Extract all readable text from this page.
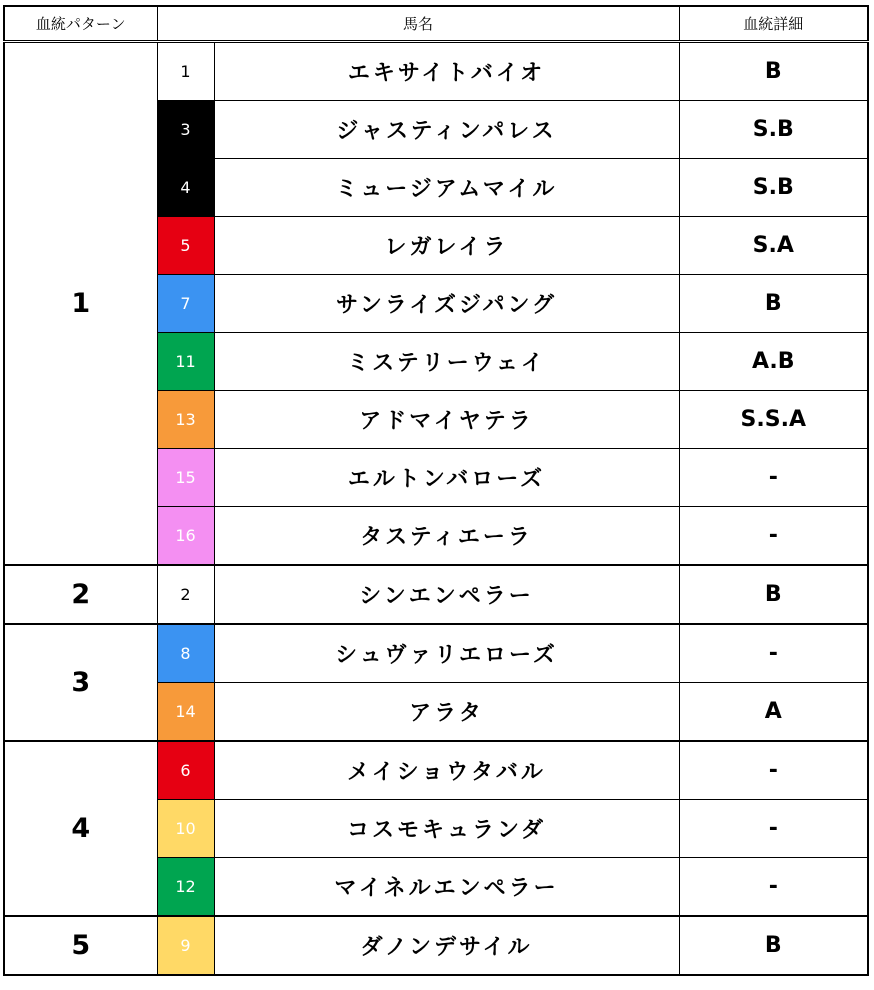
血統パターン	馬名		血統詳細
1	1	エキサイトバイオ	B
	3	ジャスティンパレス	S.B
	4	ミュージアムマイル	S.B
	5	レガレイラ	S.A
	7	サンライズジパング	B
	11	ミステリーウェイ	A.B
	13	アドマイヤテラ	S.S.A
	15	エルトンバローズ	-
	16	タスティエーラ	-
2	2	シンエンペラー	B
3	8	シュヴァリエローズ	-
	14	アラタ	A
4	6	メイショウタバル	-
	10	コスモキュランダ	-
	12	マイネルエンペラー	-
5	9	ダノンデサイル	B
